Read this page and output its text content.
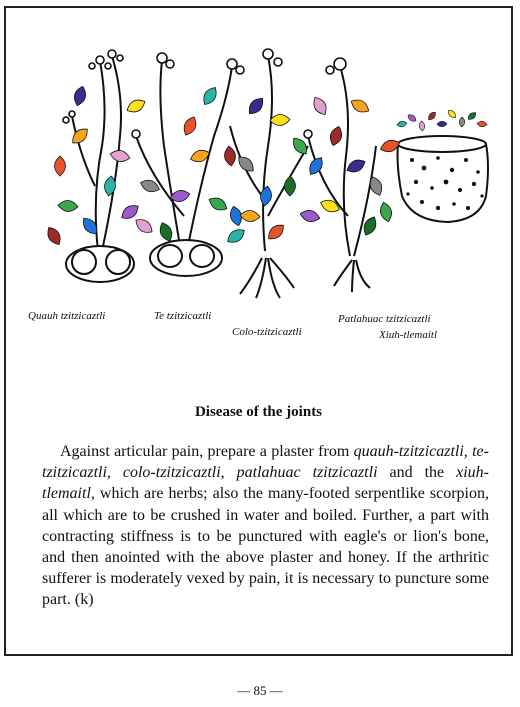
Quauh tzitzicaztli	Te tzitzicaztli
Colo-tzitzicaztli
Patlahuac tzitzicaztli
Xiuh-tlemaitl
Disease of the joints

Against articular pain, prepare a plaster from quauh-tzitzicaztli, te-tzitzicaztli, colo-tzitzicaztli, patlahuac tzitzicaztli and the xiuh-tlemaitl, which are herbs; also the many-footed serpentlike scorpion, all which are to be crushed in water and boiled. Further, a part with contracting stiffness is to be punctured with eagle's or lion's bone, and then anointed with the above plaster and honey. If the arthritic sufferer is moderately vexed by pain, it is necessary to puncture some part. (k)

— 85 —
